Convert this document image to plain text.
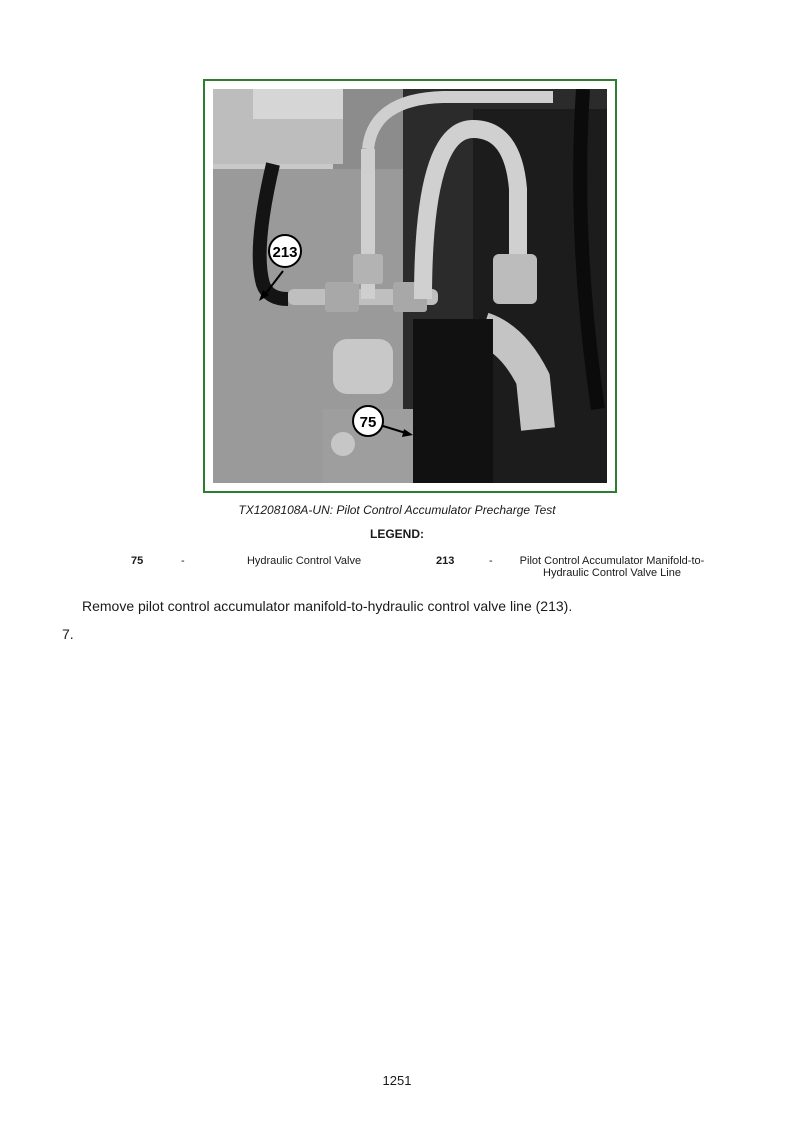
213
75
TX1208108A-UN: Pilot Control Accumulator Precharge Test
LEGEND:
75	-	Hydraulic Control Valve	213	-	Pilot Control Accumulator Manifold-to-
Hydraulic Control Valve Line
Remove pilot control accumulator manifold-to-hydraulic control valve line (213).
7.
1251
